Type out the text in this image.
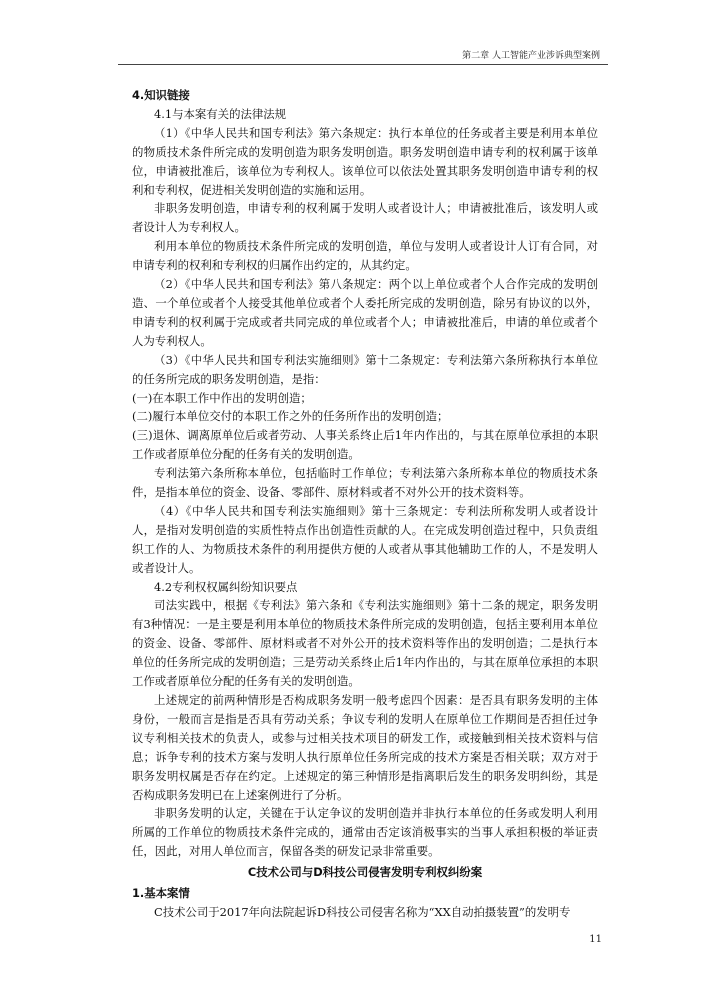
第二章 人工智能产业涉诉典型案例

4.知识链接

4.1与本案有关的法律法规

（1）《中华人民共和国专利法》第六条规定：执行本单位的任务或者主要是利用本单位的物质技术条件所完成的发明创造为职务发明创造。职务发明创造申请专利的权利属于该单位，申请被批准后，该单位为专利权人。该单位可以依法处置其职务发明创造申请专利的权利和专利权，促进相关发明创造的实施和运用。

非职务发明创造，申请专利的权利属于发明人或者设计人；申请被批准后，该发明人或者设计人为专利权人。

利用本单位的物质技术条件所完成的发明创造，单位与发明人或者设计人订有合同，对申请专利的权利和专利权的归属作出约定的，从其约定。

（2）《中华人民共和国专利法》第八条规定：两个以上单位或者个人合作完成的发明创造、一个单位或者个人接受其他单位或者个人委托所完成的发明创造，除另有协议的以外，申请专利的权利属于完成或者共同完成的单位或者个人；申请被批准后，申请的单位或者个人为专利权人。

（3）《中华人民共和国专利法实施细则》第十二条规定：专利法第六条所称执行本单位的任务所完成的职务发明创造，是指：

(一)在本职工作中作出的发明创造；

(二)履行本单位交付的本职工作之外的任务所作出的发明创造；

(三)退休、调离原单位后或者劳动、人事关系终止后1年内作出的，与其在原单位承担的本职工作或者原单位分配的任务有关的发明创造。

专利法第六条所称本单位，包括临时工作单位；专利法第六条所称本单位的物质技术条件，是指本单位的资金、设备、零部件、原材料或者不对外公开的技术资料等。

（4）《中华人民共和国专利法实施细则》第十三条规定：专利法所称发明人或者设计人，是指对发明创造的实质性特点作出创造性贡献的人。在完成发明创造过程中，只负责组织工作的人、为物质技术条件的利用提供方便的人或者从事其他辅助工作的人，不是发明人或者设计人。

4.2专利权权属纠纷知识要点

司法实践中，根据《专利法》第六条和《专利法实施细则》第十二条的规定，职务发明有3种情况：一是主要是利用本单位的物质技术条件所完成的发明创造，包括主要利用本单位的资金、设备、零部件、原材料或者不对外公开的技术资料等作出的发明创造；二是执行本单位的任务所完成的发明创造；三是劳动关系终止后1年内作出的，与其在原单位承担的本职工作或者原单位分配的任务有关的发明创造。

上述规定的前两种情形是否构成职务发明一般考虑四个因素：是否具有职务发明的主体身份，一般而言是指是否具有劳动关系；争议专利的发明人在原单位工作期间是否担任过争议专利相关技术的负责人，或参与过相关技术项目的研发工作，或接触到相关技术资料与信息；诉争专利的技术方案与发明人执行原单位任务所完成的技术方案是否相关联；双方对于职务发明权属是否存在约定。上述规定的第三种情形是指离职后发生的职务发明纠纷，其是否构成职务发明已在上述案例进行了分析。

非职务发明的认定，关键在于认定争议的发明创造并非执行本单位的任务或发明人利用所属的工作单位的物质技术条件完成的，通常由否定该消极事实的当事人承担积极的举证责任，因此，对用人单位而言，保留各类的研发记录非常重要。

C技术公司与D科技公司侵害发明专利权纠纷案

1.基本案情

C技术公司于2017年向法院起诉D科技公司侵害名称为“XX自动拍摄装置”的发明专

11
